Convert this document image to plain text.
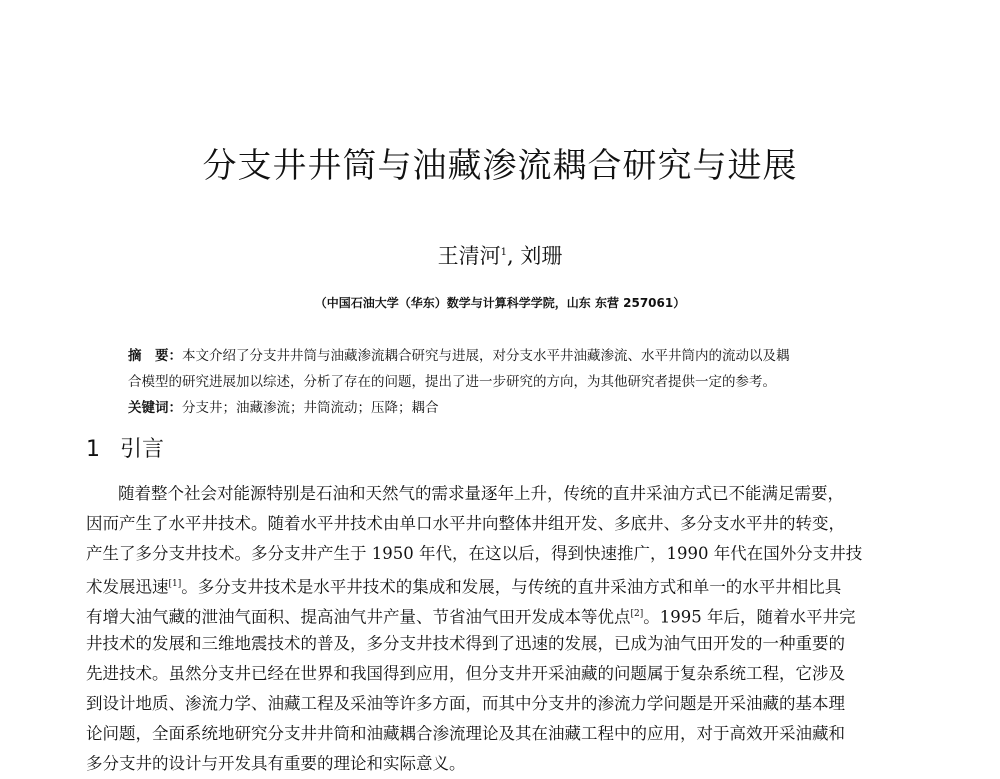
分支井井筒与油藏渗流耦合研究与进展
王清河$^1$, 刘珊
（中国石油大学（华东）数学与计算科学学院，山东 东营 257061）
摘　要：本文介绍了分支井井筒与油藏渗流耦合研究与进展，对分支水平井油藏渗流、水平井筒内的流动以及耦
合模型的研究进展加以综述，分析了存在的问题，提出了进一步研究的方向，为其他研究者提供一定的参考。
关键词：分支井；油藏渗流；井筒流动；压降；耦合
1 引言
随着整个社会对能源特别是石油和天然气的需求量逐年上升，传统的直井采油方式已不能满足需要，
因而产生了水平井技术。随着水平井技术由单口水平井向整体井组开发、多底井、多分支水平井的转变，
产生了多分支井技术。多分支井产生于 1950 年代，在这以后，得到快速推广，1990 年代在国外分支井技
术发展迅速[1]。多分支井技术是水平井技术的集成和发展，与传统的直井采油方式和单一的水平井相比具
有增大油气藏的泄油气面积、提高油气井产量、节省油气田开发成本等优点[2]。1995 年后，随着水平井完
井技术的发展和三维地震技术的普及，多分支井技术得到了迅速的发展，已成为油气田开发的一种重要的
先进技术。虽然分支井已经在世界和我国得到应用，但分支井开采油藏的问题属于复杂系统工程，它涉及
到设计地质、渗流力学、油藏工程及采油等许多方面，而其中分支井的渗流力学问题是开采油藏的基本理
论问题，全面系统地研究分支井井筒和油藏耦合渗流理论及其在油藏工程中的应用，对于高效开采油藏和
多分支井的设计与开发具有重要的理论和实际意义。
